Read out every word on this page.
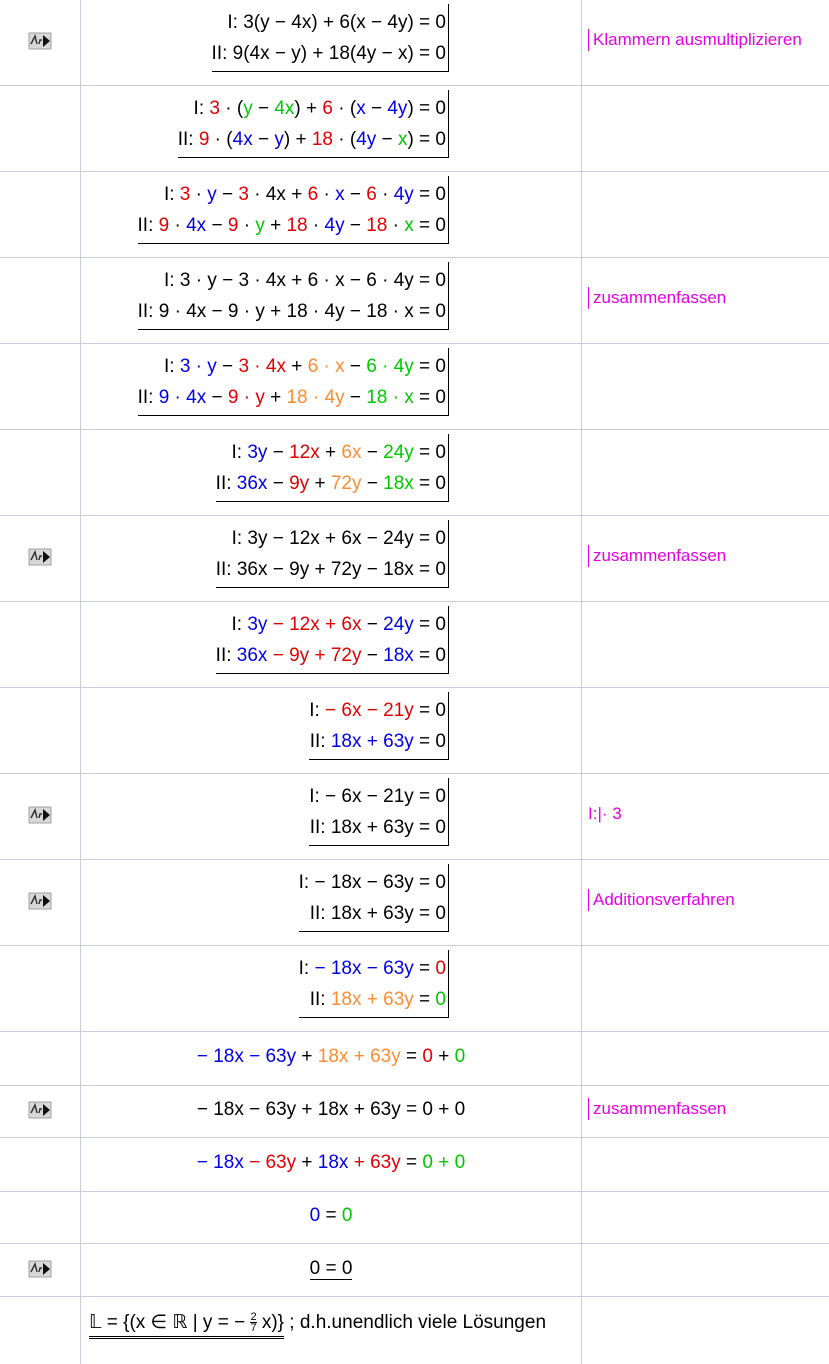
I: 3(y − 4x) + 6(x − 4y) = 0
II: 9(4x − y) + 18(4y − x) = 0
Klammern ausmultiplizieren
I: 3 · (y − 4x) + 6 · (x − 4y) = 0
II: 9 · (4x − y) + 18 · (4y − x) = 0
I: 3 · y − 3 · 4x + 6 · x − 6 · 4y = 0
II: 9 · 4x − 9 · y + 18 · 4y − 18 · x = 0
I: 3 · y − 3 · 4x + 6 · x − 6 · 4y = 0
II: 9 · 4x − 9 · y + 18 · 4y − 18 · x = 0
zusammenfassen
I: 3 · y − 3 · 4x + 6 · x − 6 · 4y = 0
II: 9 · 4x − 9 · y + 18 · 4y − 18 · x = 0
I: 3y − 12x + 6x − 24y = 0
II: 36x − 9y + 72y − 18x = 0
I: 3y − 12x + 6x − 24y = 0
II: 36x − 9y + 72y − 18x = 0
zusammenfassen
I: 3y − 12x + 6x − 24y = 0
II: 36x − 9y + 72y − 18x = 0
I: − 6x − 21y = 0
II: 18x + 63y = 0
I: − 6x − 21y = 0
II: 18x + 63y = 0
I:|· 3
I: − 18x − 63y = 0
II: 18x + 63y = 0
Additionsverfahren
I: − 18x − 63y = 0
II: 18x + 63y = 0
− 18x − 63y + 18x + 63y = 0 + 0
− 18x − 63y + 18x + 63y = 0 + 0	zusammenfassen
− 18x − 63y + 18x + 63y = 0 + 0
0 = 0
0 = 0
𝕃 = {(x ∈ ℝ | y = − $\frac{2}{7} x$)} ; d.h.unendlich viele Lösungen
